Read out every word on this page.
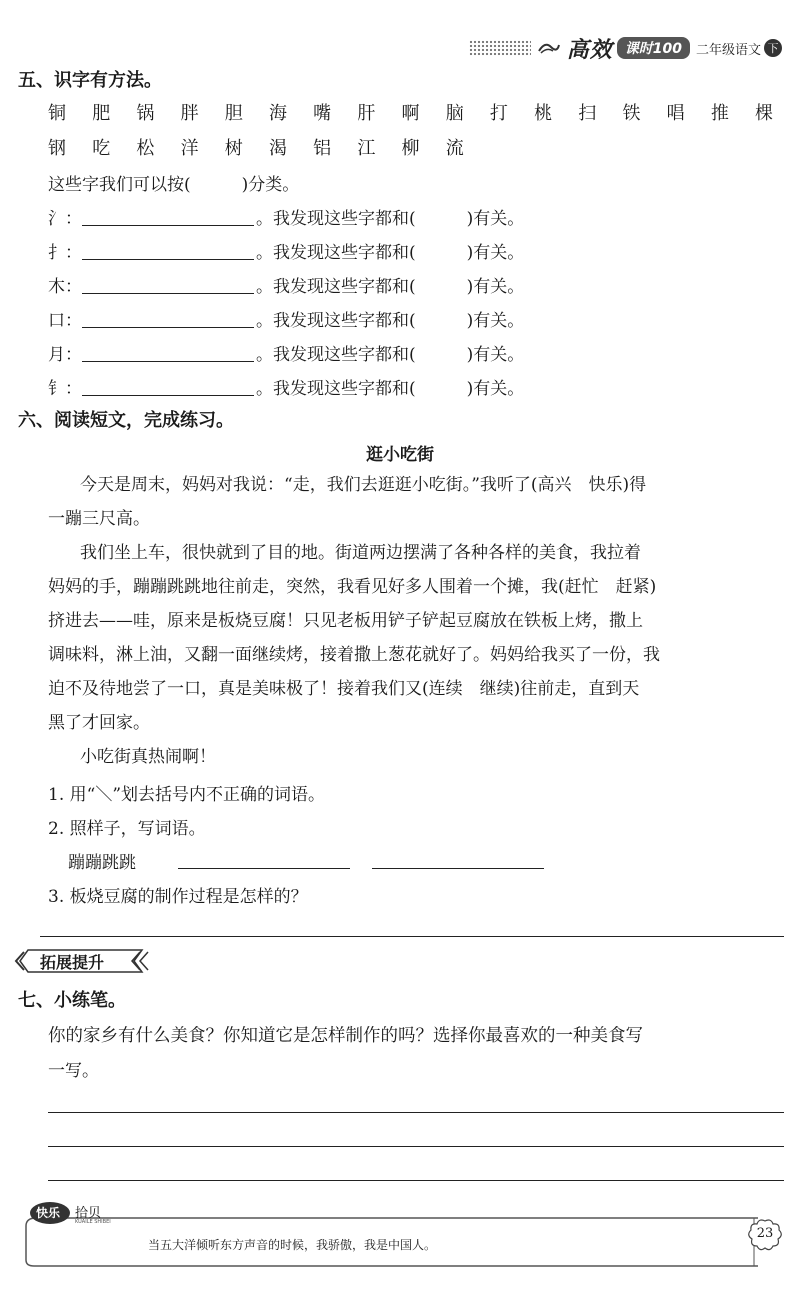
高效 课时100	二年级语文 下
五、识字有方法。
铜 肥 锅 胖 胆 海 嘴 肝 啊 脑 打 桃 扫 铁 唱 推 棵
钢 吃 松 洋 树 渴 铝 江 柳 流
这些字我们可以按(　　　)分类。
氵：	。我发现这些字都和(　　　)有关。
扌：	。我发现这些字都和(　　　)有关。
木：	。我发现这些字都和(　　　)有关。
口：	。我发现这些字都和(　　　)有关。
月：	。我发现这些字都和(　　　)有关。
钅：	。我发现这些字都和(　　　)有关。
六、阅读短文，完成练习。
逛小吃街
今天是周末，妈妈对我说：“走，我们去逛逛小吃街。”我听了(高兴　快乐)得
一蹦三尺高。
我们坐上车，很快就到了目的地。街道两边摆满了各种各样的美食，我拉着
妈妈的手，蹦蹦跳跳地往前走，突然，我看见好多人围着一个摊，我(赶忙　赶紧)
挤进去——哇，原来是板烧豆腐！只见老板用铲子铲起豆腐放在铁板上烤，撒上
调味料，淋上油，又翻一面继续烤，接着撒上葱花就好了。妈妈给我买了一份，我
迫不及待地尝了一口，真是美味极了！接着我们又(连续　继续)往前走，直到天
黑了才回家。
小吃街真热闹啊！
1. 用“＼”划去括号内不正确的词语。
2. 照样子，写词语。
蹦蹦跳跳
3. 板烧豆腐的制作过程是怎样的？
拓展提升
七、小练笔。
你的家乡有什么美食？你知道它是怎样制作的吗？选择你最喜欢的一种美食写
一写。
快乐 拾贝
KUAILE SHIBEI
当五大洋倾听东方声音的时候，我骄傲，我是中国人。
23
